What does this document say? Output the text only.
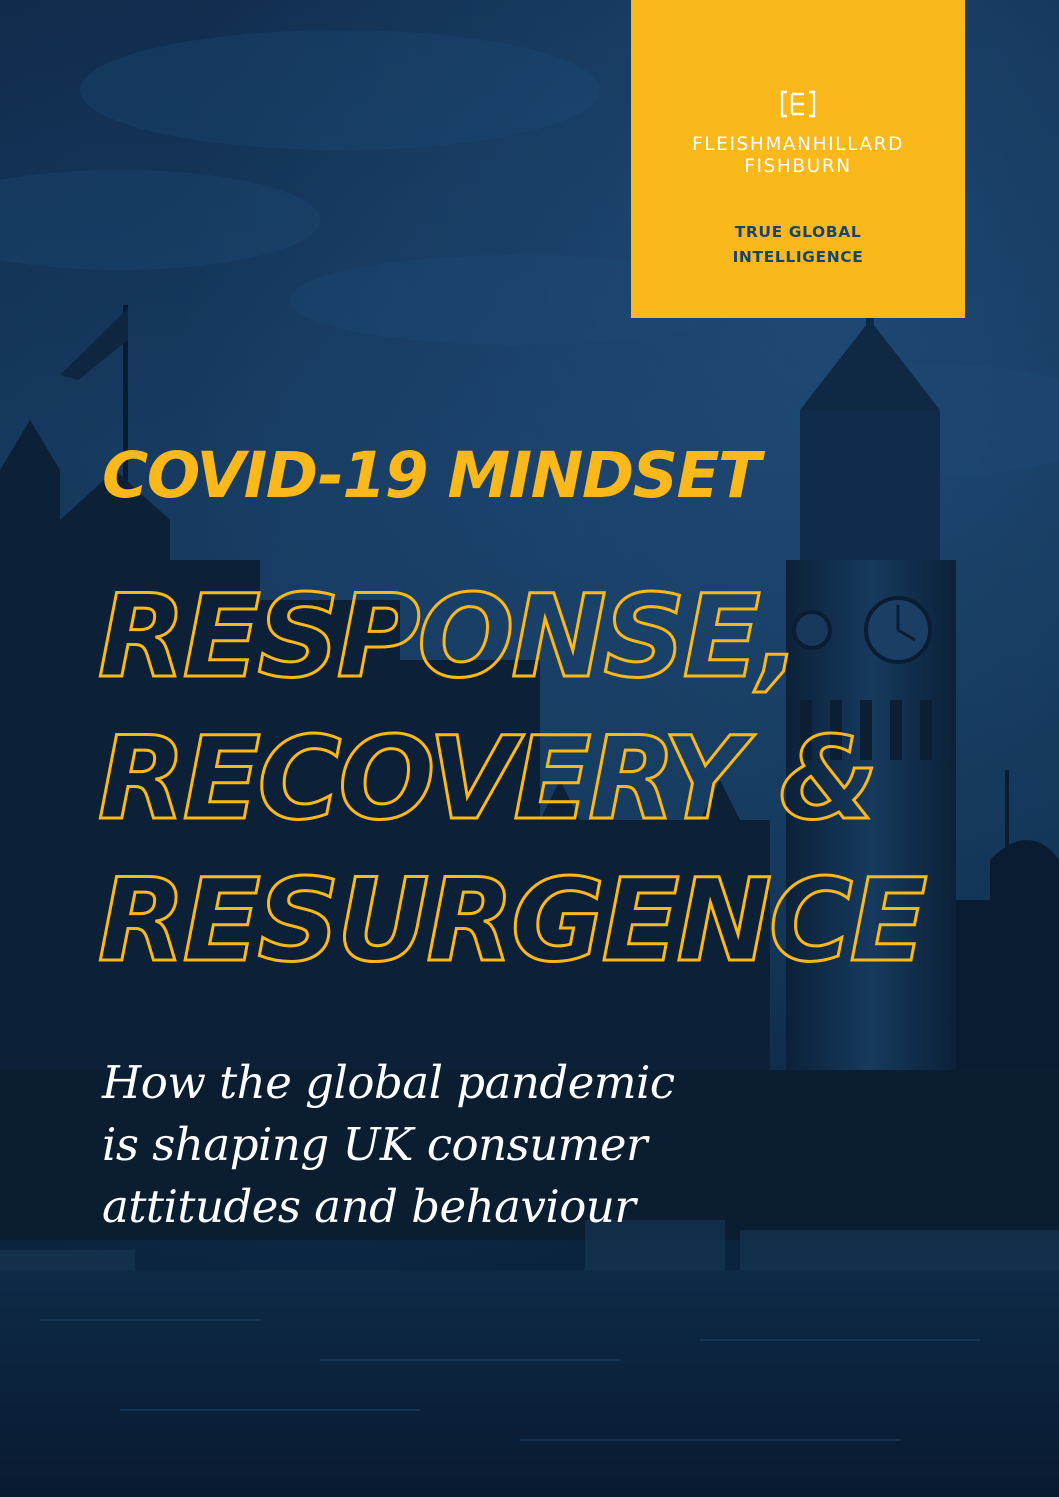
FLEISHMANHILLARD
FISHBURN
TRUE GLOBAL
INTELLIGENCE
COVID-19 MINDSET
RESPONSE,
RECOVERY &
RESURGENCE

How the global pandemic
is shaping UK consumer
attitudes and behaviour
